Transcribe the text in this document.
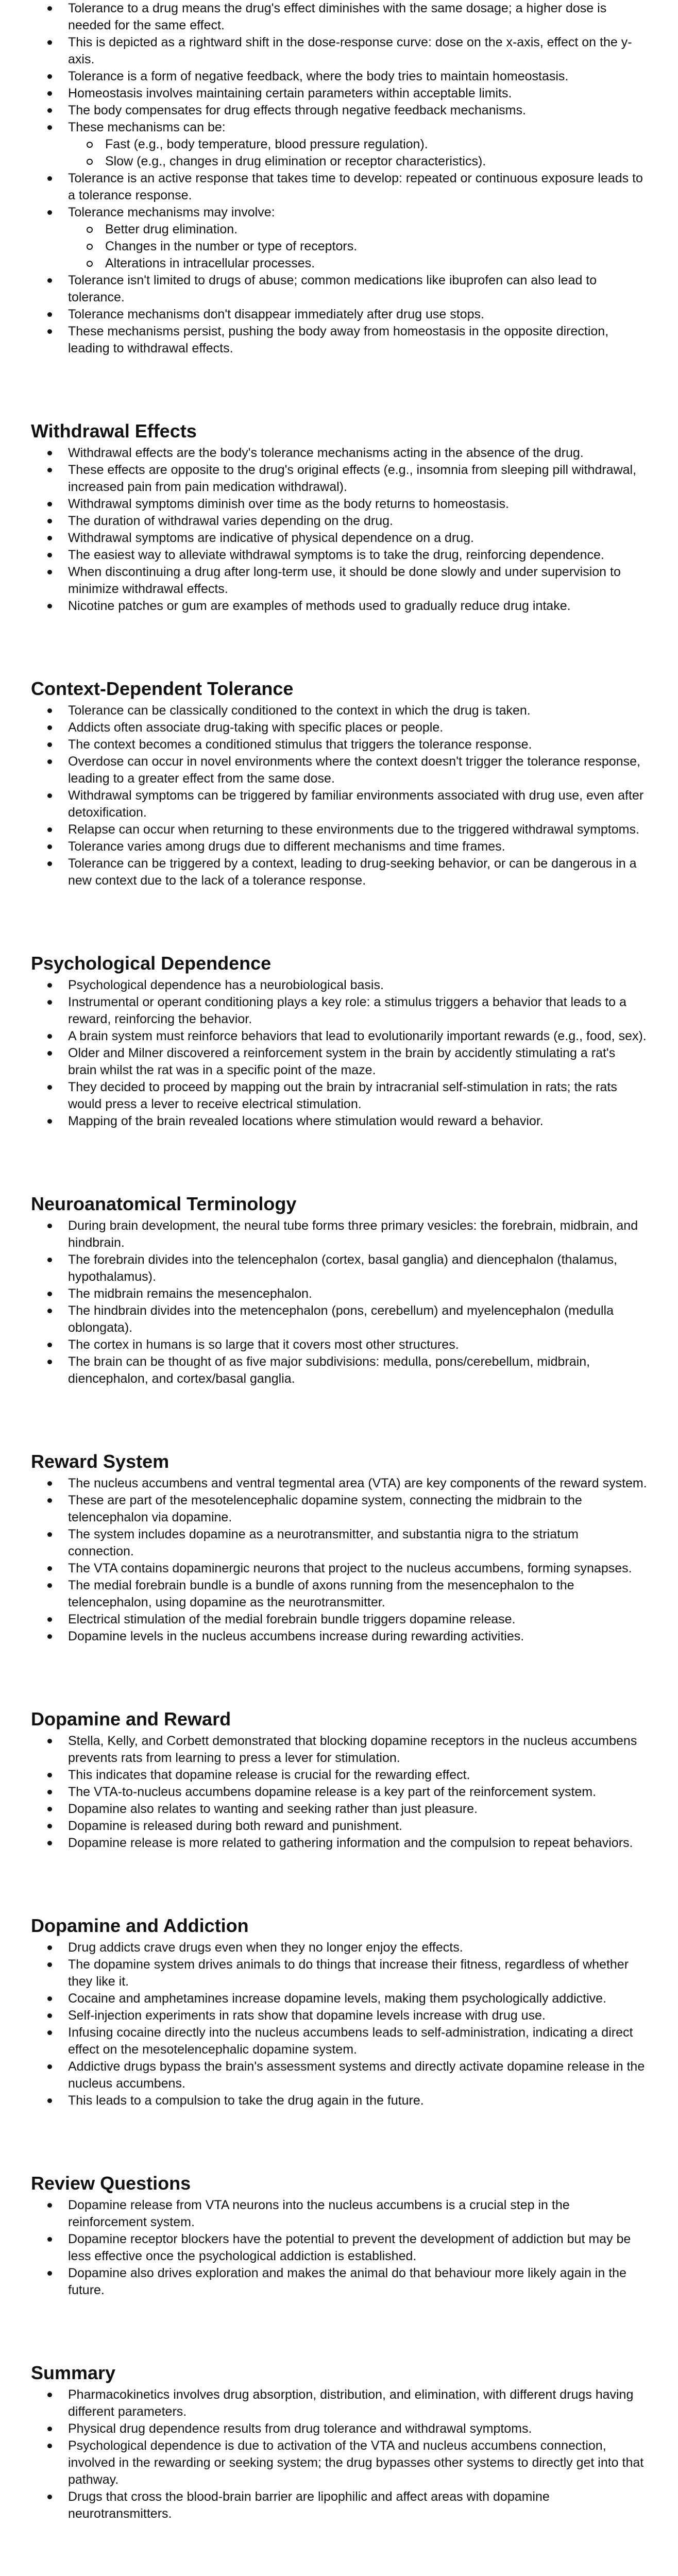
Tolerance to a drug means the drug's effect diminishes with the same dosage; a higher dose is needed for the same effect.
This is depicted as a rightward shift in the dose-response curve: dose on the x-axis, effect on the y-axis.
Tolerance is a form of negative feedback, where the body tries to maintain homeostasis.
Homeostasis involves maintaining certain parameters within acceptable limits.
The body compensates for drug effects through negative feedback mechanisms.
These mechanisms can be:
Fast (e.g., body temperature, blood pressure regulation).
Slow (e.g., changes in drug elimination or receptor characteristics).
Tolerance is an active response that takes time to develop: repeated or continuous exposure leads to a tolerance response.
Tolerance mechanisms may involve:
Better drug elimination.
Changes in the number or type of receptors.
Alterations in intracellular processes.
Tolerance isn't limited to drugs of abuse; common medications like ibuprofen can also lead to tolerance.
Tolerance mechanisms don't disappear immediately after drug use stops.
These mechanisms persist, pushing the body away from homeostasis in the opposite direction, leading to withdrawal effects.
Withdrawal Effects
Withdrawal effects are the body's tolerance mechanisms acting in the absence of the drug.
These effects are opposite to the drug's original effects (e.g., insomnia from sleeping pill withdrawal, increased pain from pain medication withdrawal).
Withdrawal symptoms diminish over time as the body returns to homeostasis.
The duration of withdrawal varies depending on the drug.
Withdrawal symptoms are indicative of physical dependence on a drug.
The easiest way to alleviate withdrawal symptoms is to take the drug, reinforcing dependence.
When discontinuing a drug after long-term use, it should be done slowly and under supervision to minimize withdrawal effects.
Nicotine patches or gum are examples of methods used to gradually reduce drug intake.
Context-Dependent Tolerance
Tolerance can be classically conditioned to the context in which the drug is taken.
Addicts often associate drug-taking with specific places or people.
The context becomes a conditioned stimulus that triggers the tolerance response.
Overdose can occur in novel environments where the context doesn't trigger the tolerance response, leading to a greater effect from the same dose.
Withdrawal symptoms can be triggered by familiar environments associated with drug use, even after detoxification.
Relapse can occur when returning to these environments due to the triggered withdrawal symptoms.
Tolerance varies among drugs due to different mechanisms and time frames.
Tolerance can be triggered by a context, leading to drug-seeking behavior, or can be dangerous in a new context due to the lack of a tolerance response.
Psychological Dependence
Psychological dependence has a neurobiological basis.
Instrumental or operant conditioning plays a key role: a stimulus triggers a behavior that leads to a reward, reinforcing the behavior.
A brain system must reinforce behaviors that lead to evolutionarily important rewards (e.g., food, sex).
Older and Milner discovered a reinforcement system in the brain by accidently stimulating a rat's brain whilst the rat was in a specific point of the maze.
They decided to proceed by mapping out the brain by intracranial self-stimulation in rats; the rats would press a lever to receive electrical stimulation.
Mapping of the brain revealed locations where stimulation would reward a behavior.
Neuroanatomical Terminology
During brain development, the neural tube forms three primary vesicles: the forebrain, midbrain, and hindbrain.
The forebrain divides into the telencephalon (cortex, basal ganglia) and diencephalon (thalamus, hypothalamus).
The midbrain remains the mesencephalon.
The hindbrain divides into the metencephalon (pons, cerebellum) and myelencephalon (medulla oblongata).
The cortex in humans is so large that it covers most other structures.
The brain can be thought of as five major subdivisions: medulla, pons/cerebellum, midbrain, diencephalon, and cortex/basal ganglia.
Reward System
The nucleus accumbens and ventral tegmental area (VTA) are key components of the reward system.
These are part of the mesotelencephalic dopamine system, connecting the midbrain to the telencephalon via dopamine.
The system includes dopamine as a neurotransmitter, and substantia nigra to the striatum connection.
The VTA contains dopaminergic neurons that project to the nucleus accumbens, forming synapses.
The medial forebrain bundle is a bundle of axons running from the mesencephalon to the telencephalon, using dopamine as the neurotransmitter.
Electrical stimulation of the medial forebrain bundle triggers dopamine release.
Dopamine levels in the nucleus accumbens increase during rewarding activities.
Dopamine and Reward
Stella, Kelly, and Corbett demonstrated that blocking dopamine receptors in the nucleus accumbens prevents rats from learning to press a lever for stimulation.
This indicates that dopamine release is crucial for the rewarding effect.
The VTA-to-nucleus accumbens dopamine release is a key part of the reinforcement system.
Dopamine also relates to wanting and seeking rather than just pleasure.
Dopamine is released during both reward and punishment.
Dopamine release is more related to gathering information and the compulsion to repeat behaviors.
Dopamine and Addiction
Drug addicts crave drugs even when they no longer enjoy the effects.
The dopamine system drives animals to do things that increase their fitness, regardless of whether they like it.
Cocaine and amphetamines increase dopamine levels, making them psychologically addictive.
Self-injection experiments in rats show that dopamine levels increase with drug use.
Infusing cocaine directly into the nucleus accumbens leads to self-administration, indicating a direct effect on the mesotelencephalic dopamine system.
Addictive drugs bypass the brain's assessment systems and directly activate dopamine release in the nucleus accumbens.
This leads to a compulsion to take the drug again in the future.
Review Questions
Dopamine release from VTA neurons into the nucleus accumbens is a crucial step in the reinforcement system.
Dopamine receptor blockers have the potential to prevent the development of addiction but may be less effective once the psychological addiction is established.
Dopamine also drives exploration and makes the animal do that behaviour more likely again in the future.
Summary
Pharmacokinetics involves drug absorption, distribution, and elimination, with different drugs having different parameters.
Physical drug dependence results from drug tolerance and withdrawal symptoms.
Psychological dependence is due to activation of the VTA and nucleus accumbens connection, involved in the rewarding or seeking system; the drug bypasses other systems to directly get into that pathway.
Drugs that cross the blood-brain barrier are lipophilic and affect areas with dopamine neurotransmitters.
